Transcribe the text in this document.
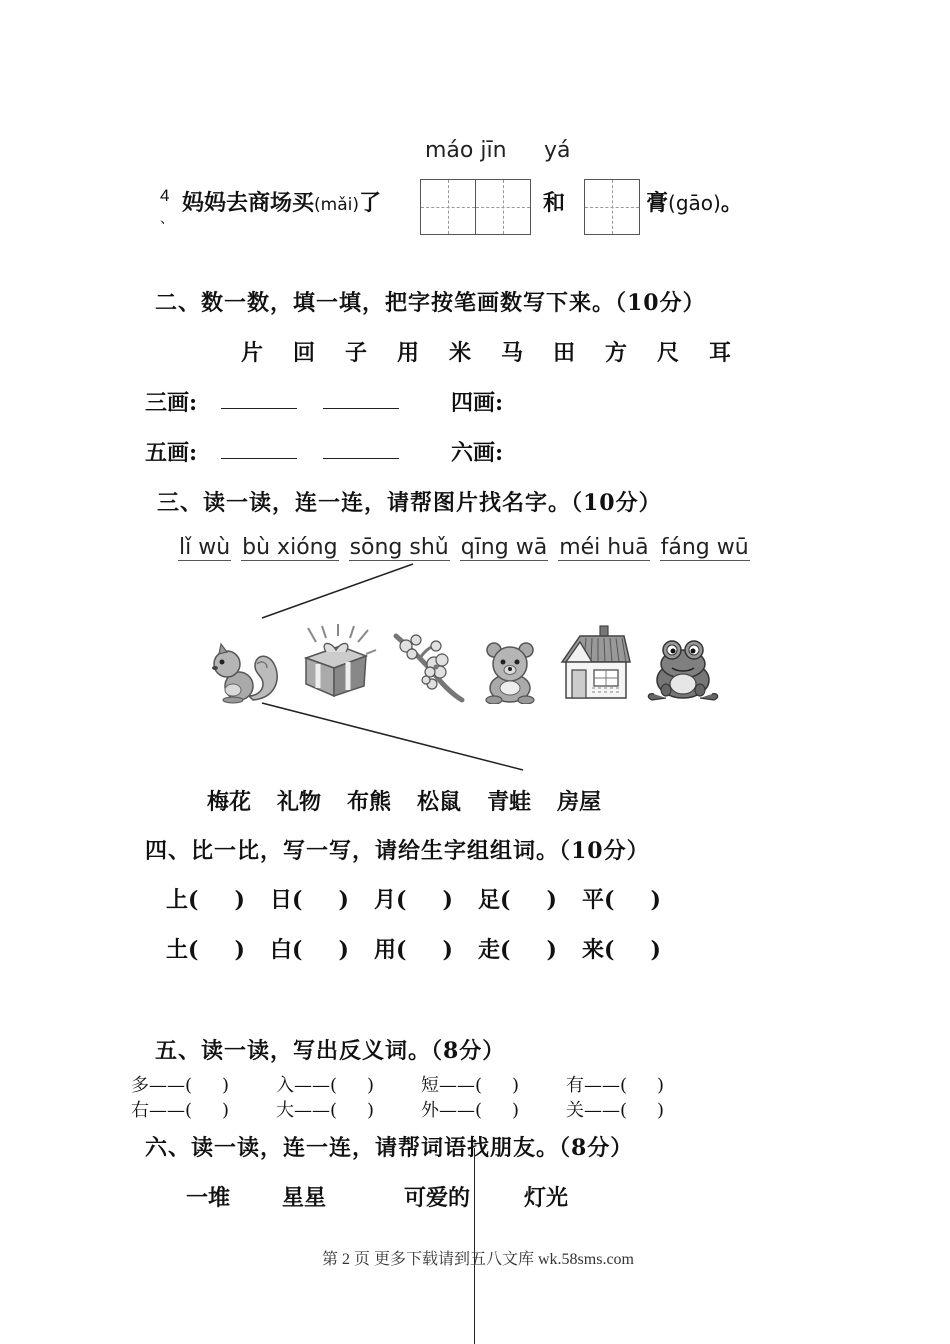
máo jīn yá
4
、
妈妈去商场买(mǎi)了	和	膏(gāo)。
二、数一数，填一填，把字按笔画数写下来。（10分）
片 回 子 用 米 马 田 方 尺 耳
三画:	四画:
五画:	六画:
三、读一读，连一连，请帮图片找名字。（10分）
lǐ wù bù xióng sōng shǔ qīng wā méi huā fáng wū
梅花 礼物 布熊 松鼠 青蛙 房屋
四、比一比，写一写，请给生字组组词。（10分）
上( ) 日( ) 月( ) 足( ) 平( )
土( ) 白( ) 用( ) 走( ) 来( )
五、读一读，写出反义词。（8分）
多——( )	入——( )	短——( )	有——( )
右——( )	大——( )	外——( )	关——( )
六、读一读，连一连，请帮词语找朋友。（8分）
一堆 星星	可爱的 灯光
第 2 页 更多下载请到五八文库 wk.58sms.com
